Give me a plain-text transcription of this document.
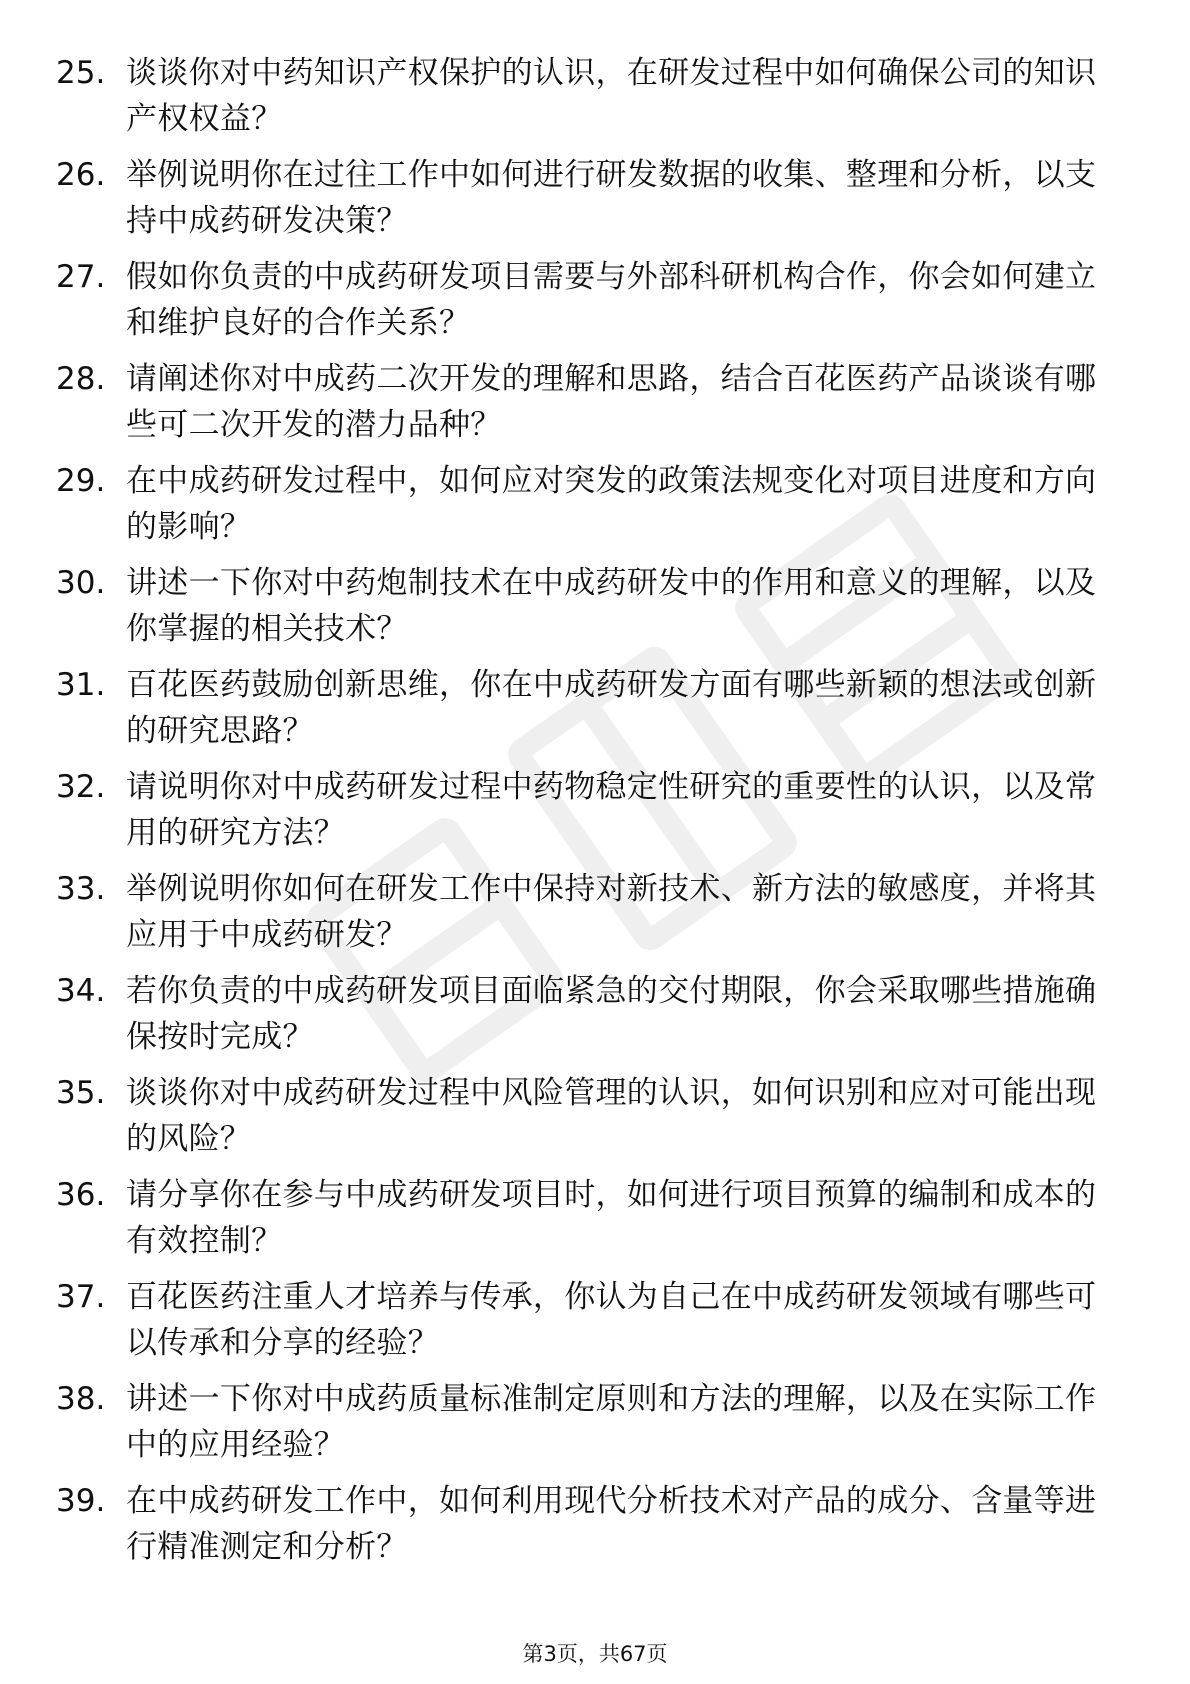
25. 谈谈你对中药知识产权保护的认识，在研发过程中如何确保公司的知识产权权益？
26. 举例说明你在过往工作中如何进行研发数据的收集、整理和分析，以支持中成药研发决策？
27. 假如你负责的中成药研发项目需要与外部科研机构合作，你会如何建立和维护良好的合作关系？
28. 请阐述你对中成药二次开发的理解和思路，结合百花医药产品谈谈有哪些可二次开发的潜力品种？
29. 在中成药研发过程中，如何应对突发的政策法规变化对项目进度和方向的影响？
30. 讲述一下你对中药炮制技术在中成药研发中的作用和意义的理解，以及你掌握的相关技术？
31. 百花医药鼓励创新思维，你在中成药研发方面有哪些新颖的想法或创新的研究思路？
32. 请说明你对中成药研发过程中药物稳定性研究的重要性的认识，以及常用的研究方法？
33. 举例说明你如何在研发工作中保持对新技术、新方法的敏感度，并将其应用于中成药研发？
34. 若你负责的中成药研发项目面临紧急的交付期限，你会采取哪些措施确保按时完成？
35. 谈谈你对中成药研发过程中风险管理的认识，如何识别和应对可能出现的风险？
36. 请分享你在参与中成药研发项目时，如何进行项目预算的编制和成本的有效控制？
37. 百花医药注重人才培养与传承，你认为自己在中成药研发领域有哪些可以传承和分享的经验？
38. 讲述一下你对中成药质量标准制定原则和方法的理解，以及在实际工作中的应用经验？
39. 在中成药研发工作中，如何利用现代分析技术对产品的成分、含量等进行精准测定和分析？
第3页，共67页
